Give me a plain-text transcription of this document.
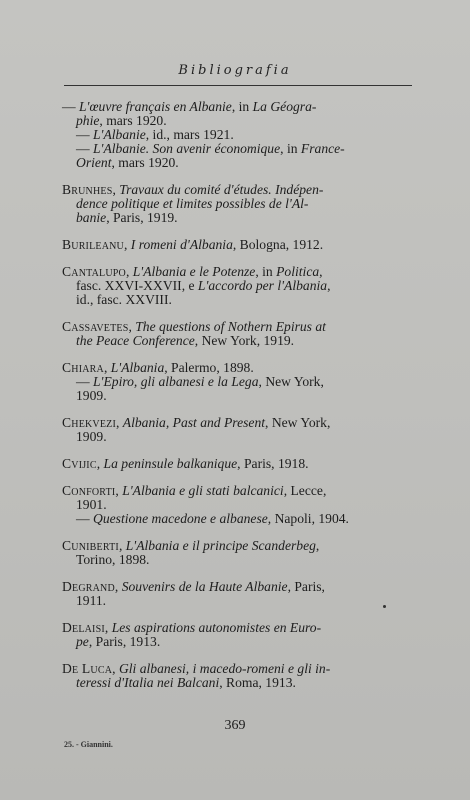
Bibliografia
— L'œuvre français en Albanie, in La Géogra-
phie, mars 1920.
— L'Albanie, id., mars 1921.
— L'Albanie. Son avenir économique, in France-
Orient, mars 1920.
Brunhes, Travaux du comité d'études. Indépen-
dence politique et limites possibles de l'Al-
banie, Paris, 1919.
Burileanu, I romeni d'Albania, Bologna, 1912.
Cantalupo, L'Albania e le Potenze, in Politica,
fasc. XXVI-XXVII, e L'accordo per l'Albania,
id., fasc. XXVIII.
Cassavetes, The questions of Nothern Epirus at
the Peace Conference, New York, 1919.
Chiara, L'Albania, Palermo, 1898.
— L'Epiro, gli albanesi e la Lega, New York,
1909.
Chekvezi, Albania, Past and Present, New York,
1909.
Cvijic, La peninsule balkanique, Paris, 1918.
Conforti, L'Albania e gli stati balcanici, Lecce,
1901.
— Questione macedone e albanese, Napoli, 1904.
Cuniberti, L'Albania e il principe Scanderbeg,
Torino, 1898.
Degrand, Souvenirs de la Haute Albanie, Paris,
1911.
Delaisi, Les aspirations autonomistes en Euro-
pe, Paris, 1913.
De Luca, Gli albanesi, i macedo-romeni e gli in-
teressi d'Italia nei Balcani, Roma, 1913.
369
25. - Giannini.
